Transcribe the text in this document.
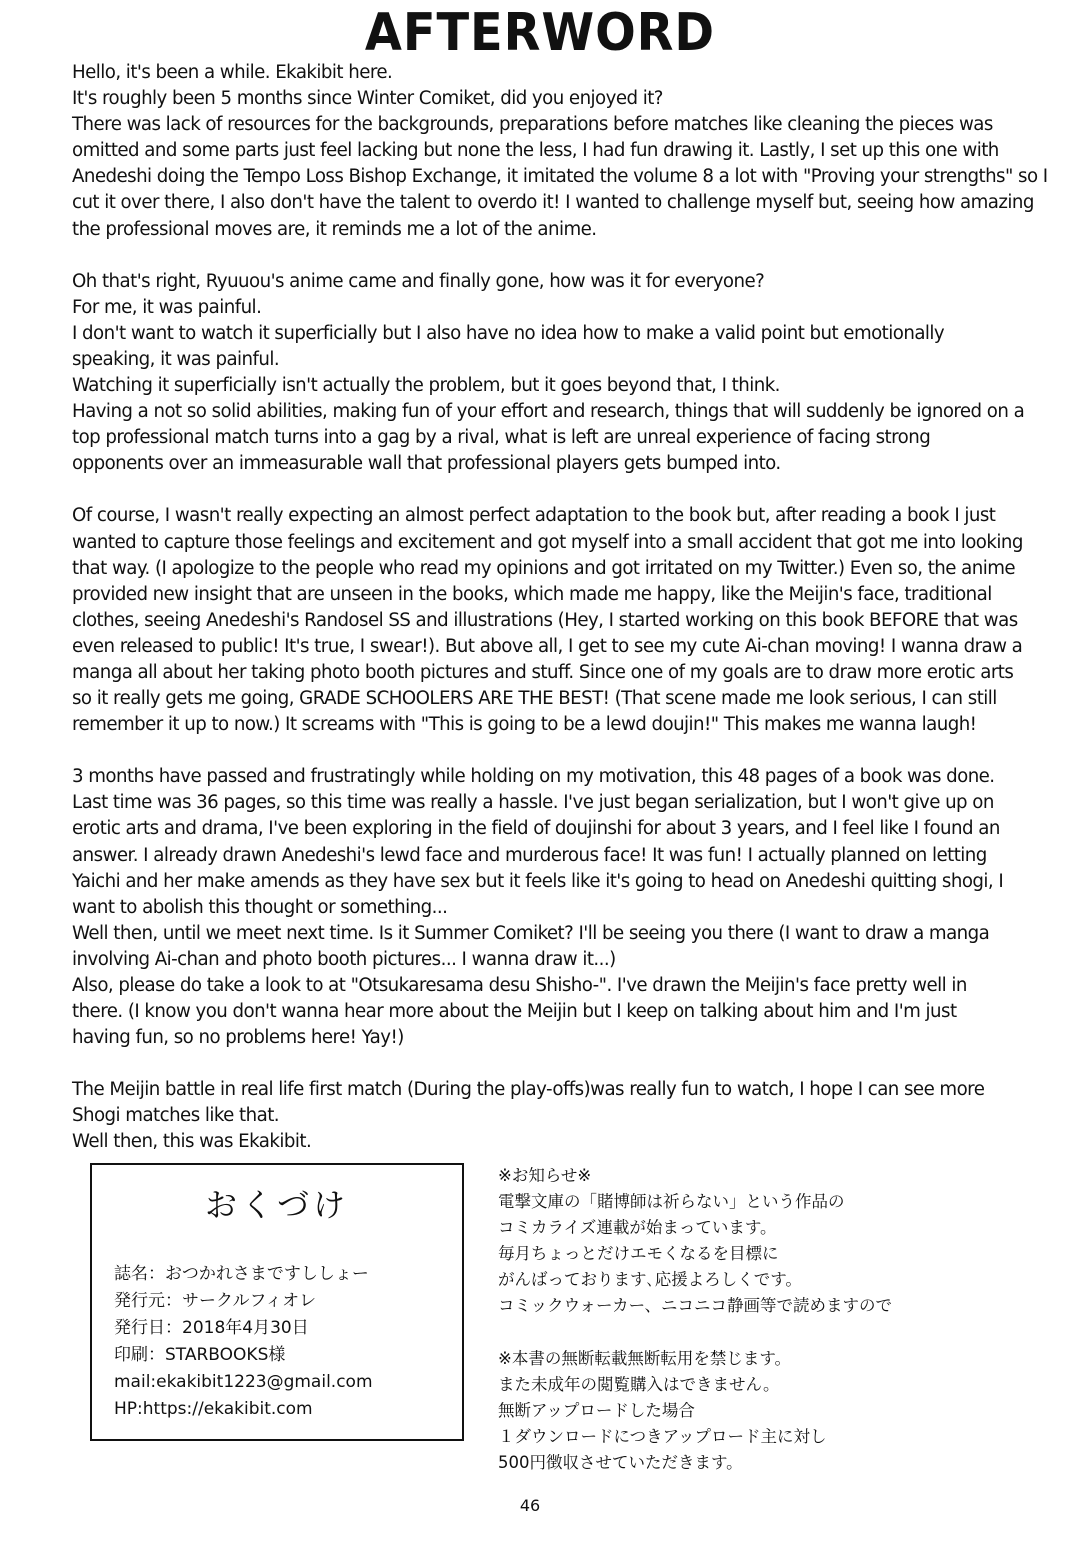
AFTERWORD

Hello, it's been a while. Ekakibit here.
It's roughly been 5 months since Winter Comiket, did you enjoyed it?
There was lack of resources for the backgrounds, preparations before matches like cleaning the pieces was
omitted and some parts just feel lacking but none the less, I had fun drawing it. Lastly, I set up this one with
Anedeshi doing the Tempo Loss Bishop Exchange, it imitated the volume 8 a lot with "Proving your strengths" so I
cut it over there, I also don't have the talent to overdo it! I wanted to challenge myself but, seeing how amazing
the professional moves are, it reminds me a lot of the anime.

Oh that's right, Ryuuou's anime came and finally gone, how was it for everyone?
For me, it was painful.
I don't want to watch it superficially but I also have no idea how to make a valid point but emotionally
speaking, it was painful.
Watching it superficially isn't actually the problem, but it goes beyond that, I think.
Having a not so solid abilities, making fun of your effort and research, things that will suddenly be ignored on a
top professional match turns into a gag by a rival, what is left are unreal experience of facing strong
opponents over an immeasurable wall that professional players gets bumped into.

Of course, I wasn't really expecting an almost perfect adaptation to the book but, after reading a book I just
wanted to capture those feelings and excitement and got myself into a small accident that got me into looking
that way. (I apologize to the people who read my opinions and got irritated on my Twitter.) Even so, the anime
provided new insight that are unseen in the books, which made me happy, like the Meijin's face, traditional
clothes, seeing Anedeshi's Randosel SS and illustrations (Hey, I started working on this book BEFORE that was
even released to public! It's true, I swear!). But above all, I get to see my cute Ai-chan moving! I wanna draw a
manga all about her taking photo booth pictures and stuff. Since one of my goals are to draw more erotic arts
so it really gets me going, GRADE SCHOOLERS ARE THE BEST! (That scene made me look serious, I can still
remember it up to now.) It screams with "This is going to be a lewd doujin!" This makes me wanna laugh!

3 months have passed and frustratingly while holding on my motivation, this 48 pages of a book was done.
Last time was 36 pages, so this time was really a hassle. I've just began serialization, but I won't give up on
erotic arts and drama, I've been exploring in the field of doujinshi for about 3 years, and I feel like I found an
answer. I already drawn Anedeshi's lewd face and murderous face! It was fun! I actually planned on letting
Yaichi and her make amends as they have sex but it feels like it's going to head on Anedeshi quitting shogi, I
want to abolish this thought or something...
Well then, until we meet next time. Is it Summer Comiket? I'll be seeing you there (I want to draw a manga
involving Ai-chan and photo booth pictures... I wanna draw it...)
Also, please do take a look to at "Otsukaresama desu Shisho-". I've drawn the Meijin's face pretty well in
there. (I know you don't wanna hear more about the Meijin but I keep on talking about him and I'm just
having fun, so no problems here! Yay!)

The Meijin battle in real life first match (During the play-offs)was really fun to watch, I hope I can see more
Shogi matches like that.
Well then, this was Ekakibit.

おくづけ
誌名：おつかれさまですししょー
発行元：サークルフィオレ
発行日：2018年4月30日
印刷：STARBOOKS様
mail:ekakibit1223@gmail.com
HP:https://ekakibit.com
※お知らせ※
電撃文庫の「賭博師は祈らない」という作品の
コミカライズ連載が始まっています。
毎月ちょっとだけエモくなるを目標に
がんばっております､応援よろしくです。
コミックウォーカー、ニコニコ静画等で読めますので
※本書の無断転載無断転用を禁じます。
また未成年の閲覧購入はできません。
無断アップロードした場合
１ダウンロードにつきアップロード主に対し
500円徴収させていただきます。
46
